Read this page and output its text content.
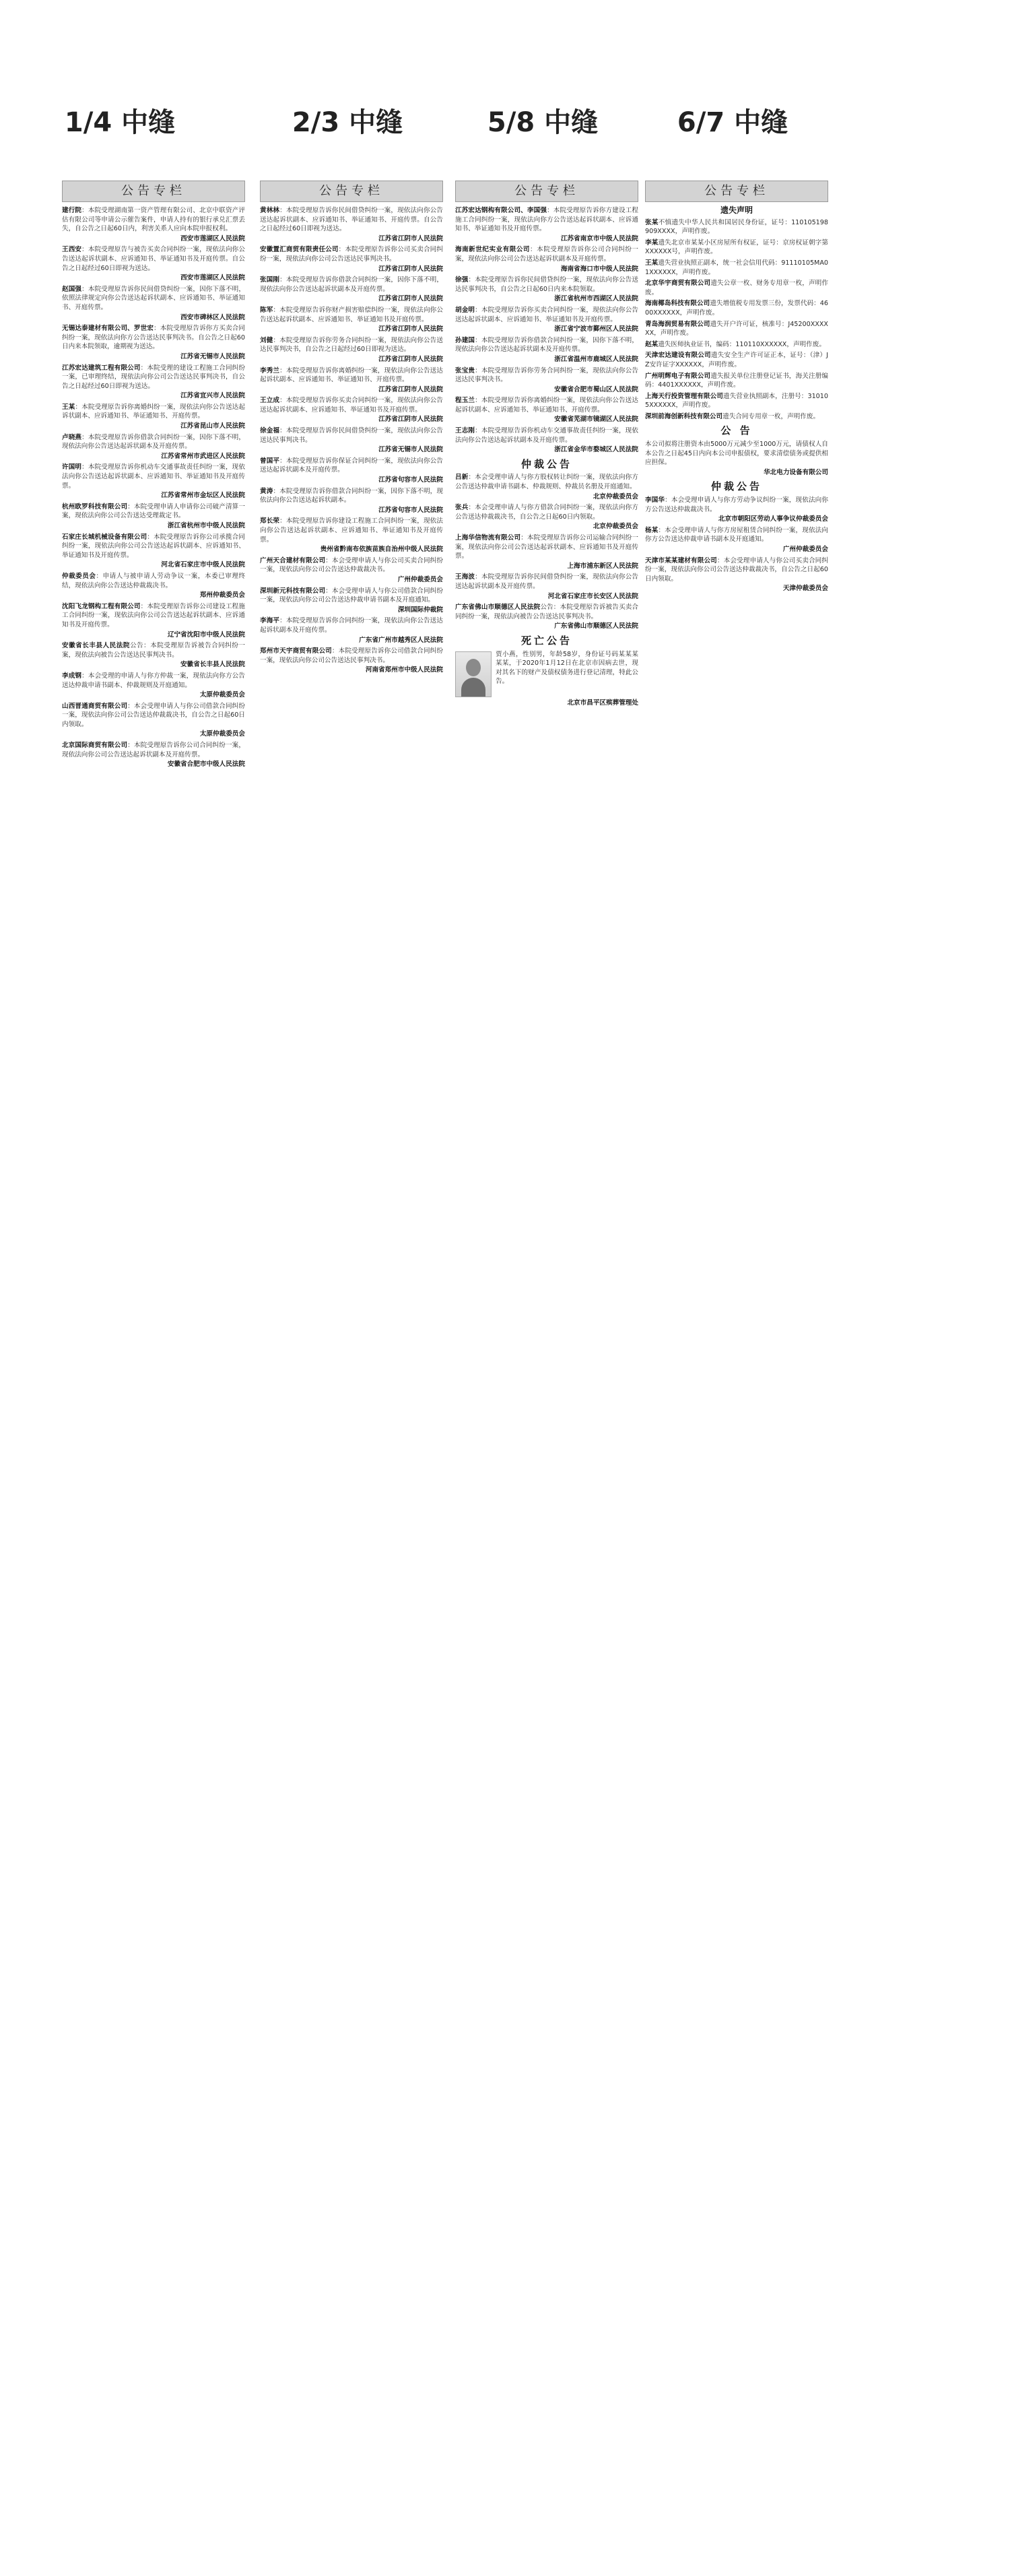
1/4 中缝	2/3 中缝	5/8 中缝	6/7 中缝
公告专栏
建行院：本院受理湖南第一资产管理有限公司、北京中联资产评估有限公司等申请公示催告案件，申请人持有的银行承兑汇票丢失，自公告之日起60日内，利害关系人应向本院申报权利。
西安市莲湖区人民法院
王西安：本院受理原告与被告买卖合同纠纷一案，现依法向你公告送达起诉状副本、应诉通知书、举证通知书及开庭传票。自公告之日起经过60日即视为送达。
西安市莲湖区人民法院
赵国强：本院受理原告诉你民间借贷纠纷一案，因你下落不明，依照法律规定向你公告送达起诉状副本、应诉通知书、举证通知书、开庭传票。
西安市碑林区人民法院
无锡达泰建材有限公司、罗世宏：本院受理原告诉你方买卖合同纠纷一案，现依法向你方公告送达民事判决书。自公告之日起60日内来本院领取，逾期视为送达。
江苏省无锡市人民法院
江苏宏达建筑工程有限公司：本院受理的建设工程施工合同纠纷一案，已审理终结，现依法向你公司公告送达民事判决书，自公告之日起经过60日即视为送达。
江苏省宜兴市人民法院
王某：本院受理原告诉你离婚纠纷一案，现依法向你公告送达起诉状副本、应诉通知书、举证通知书、开庭传票。
江苏省昆山市人民法院
卢晓燕：本院受理原告诉你借款合同纠纷一案，因你下落不明，现依法向你公告送达起诉状副本及开庭传票。
江苏省常州市武进区人民法院
许国明：本院受理原告诉你机动车交通事故责任纠纷一案，现依法向你公告送达起诉状副本、应诉通知书、举证通知书及开庭传票。
江苏省常州市金坛区人民法院
杭州欧罗科技有限公司：本院受理申请人申请你公司破产清算一案，现依法向你公司公告送达受理裁定书。
浙江省杭州市中级人民法院
石家庄长城机械设备有限公司：本院受理原告诉你公司承揽合同纠纷一案，现依法向你公司公告送达起诉状副本、应诉通知书、举证通知书及开庭传票。
河北省石家庄市中级人民法院
仲裁委员会：申请人与被申请人劳动争议一案，本委已审理终结，现依法向你公告送达仲裁裁决书。
郑州仲裁委员会
沈阳飞龙钢构工程有限公司：本院受理原告诉你公司建设工程施工合同纠纷一案，现依法向你公司公告送达起诉状副本、应诉通知书及开庭传票。
辽宁省沈阳市中级人民法院
安徽省长丰县人民法院公告：本院受理原告诉被告合同纠纷一案，现依法向被告公告送达民事判决书。
安徽省长丰县人民法院
李成钢：本会受理的申请人与你方仲裁一案，现依法向你方公告送达仲裁申请书副本、仲裁规则及开庭通知。
太原仲裁委员会
山西晋通商贸有限公司：本会受理申请人与你公司借款合同纠纷一案，现依法向你公司公告送达仲裁裁决书，自公告之日起60日内领取。
太原仲裁委员会
北京国际商贸有限公司：本院受理原告诉你公司合同纠纷一案，现依法向你公司公告送达起诉状副本及开庭传票。
安徽省合肥市中级人民法院
公告专栏
黄林林：本院受理原告诉你民间借贷纠纷一案，现依法向你公告送达起诉状副本、应诉通知书、举证通知书、开庭传票。自公告之日起经过60日即视为送达。
江苏省江阴市人民法院
安徽置汇商贸有限责任公司：本院受理原告诉你公司买卖合同纠纷一案，现依法向你公司公告送达民事判决书。
江苏省江阴市人民法院
张国刚：本院受理原告诉你借款合同纠纷一案，因你下落不明，现依法向你公告送达起诉状副本及开庭传票。
江苏省江阴市人民法院
陈军：本院受理原告诉你财产损害赔偿纠纷一案，现依法向你公告送达起诉状副本、应诉通知书、举证通知书及开庭传票。
江苏省江阴市人民法院
刘健：本院受理原告诉你劳务合同纠纷一案，现依法向你公告送达民事判决书，自公告之日起经过60日即视为送达。
江苏省江阴市人民法院
李秀兰：本院受理原告诉你离婚纠纷一案，现依法向你公告送达起诉状副本、应诉通知书、举证通知书、开庭传票。
江苏省江阴市人民法院
王立成：本院受理原告诉你买卖合同纠纷一案，现依法向你公告送达起诉状副本、应诉通知书、举证通知书及开庭传票。
江苏省江阴市人民法院
徐金福：本院受理原告诉你民间借贷纠纷一案，现依法向你公告送达民事判决书。
江苏省无锡市人民法院
曾国平：本院受理原告诉你保证合同纠纷一案，现依法向你公告送达起诉状副本及开庭传票。
江苏省句容市人民法院
黄涛：本院受理原告诉你借款合同纠纷一案，因你下落不明，现依法向你公告送达起诉状副本。
江苏省句容市人民法院
郑长荣：本院受理原告诉你建设工程施工合同纠纷一案，现依法向你公告送达起诉状副本、应诉通知书、举证通知书及开庭传票。
贵州省黔南布依族苗族自治州中级人民法院
广州天合建材有限公司：本会受理申请人与你公司买卖合同纠纷一案，现依法向你公司公告送达仲裁裁决书。
广州仲裁委员会
深圳新元科技有限公司：本会受理申请人与你公司借款合同纠纷一案，现依法向你公司公告送达仲裁申请书副本及开庭通知。
深圳国际仲裁院
李海平：本院受理原告诉你合同纠纷一案，现依法向你公告送达起诉状副本及开庭传票。
广东省广州市越秀区人民法院
郑州市天宇商贸有限公司：本院受理原告诉你公司借款合同纠纷一案，现依法向你公司公告送达民事判决书。
河南省郑州市中级人民法院
公告专栏
江苏宏达钢构有限公司、李国强：本院受理原告诉你方建设工程施工合同纠纷一案，现依法向你方公告送达起诉状副本、应诉通知书、举证通知书及开庭传票。
江苏省南京市中级人民法院
海南新世纪实业有限公司：本院受理原告诉你公司合同纠纷一案，现依法向你公司公告送达起诉状副本及开庭传票。
海南省海口市中级人民法院
徐强：本院受理原告诉你民间借贷纠纷一案，现依法向你公告送达民事判决书，自公告之日起60日内来本院领取。
浙江省杭州市西湖区人民法院
胡金明：本院受理原告诉你买卖合同纠纷一案，现依法向你公告送达起诉状副本、应诉通知书、举证通知书及开庭传票。
浙江省宁波市鄞州区人民法院
孙建国：本院受理原告诉你借款合同纠纷一案，因你下落不明，现依法向你公告送达起诉状副本及开庭传票。
浙江省温州市鹿城区人民法院
张宝贵：本院受理原告诉你劳务合同纠纷一案，现依法向你公告送达民事判决书。
安徽省合肥市蜀山区人民法院
程玉兰：本院受理原告诉你离婚纠纷一案，现依法向你公告送达起诉状副本、应诉通知书、举证通知书、开庭传票。
安徽省芜湖市镜湖区人民法院
王志刚：本院受理原告诉你机动车交通事故责任纠纷一案，现依法向你公告送达起诉状副本及开庭传票。
浙江省金华市婺城区人民法院
仲裁公告
吕新：本会受理申请人与你方股权转让纠纷一案，现依法向你方公告送达仲裁申请书副本、仲裁规则、仲裁员名册及开庭通知。
北京仲裁委员会
张兵：本会受理申请人与你方借款合同纠纷一案，现依法向你方公告送达仲裁裁决书，自公告之日起60日内领取。
北京仲裁委员会
上海华信物流有限公司：本院受理原告诉你公司运输合同纠纷一案，现依法向你公司公告送达起诉状副本、应诉通知书及开庭传票。
上海市浦东新区人民法院
王海波：本院受理原告诉你民间借贷纠纷一案，现依法向你公告送达起诉状副本及开庭传票。
河北省石家庄市长安区人民法院
广东省佛山市顺德区人民法院公告：本院受理原告诉被告买卖合同纠纷一案，现依法向被告公告送达民事判决书。
广东省佛山市顺德区人民法院
死亡公告
贾小燕，性别男，年龄58岁，身份证号码某某某某某，于2020年1月12日在北京市因病去世，现对其名下的财产及债权债务进行登记清理，特此公告。
北京市昌平区殡葬管理处
公告专栏
遗失声明
张某不慎遗失中华人民共和国居民身份证，证号：110105198909XXXX，声明作废。
李某遗失北京市某某小区房屋所有权证，证号：京房权证朝字第XXXXXX号，声明作废。
王某遗失营业执照正副本，统一社会信用代码：91110105MA01XXXXXX，声明作废。
北京华宇商贸有限公司遗失公章一枚、财务专用章一枚，声明作废。
海南椰岛科技有限公司遗失增值税专用发票三份，发票代码：4600XXXXXX，声明作废。
青岛海润贸易有限公司遗失开户许可证，核准号：J45200XXXXXX，声明作废。
赵某遗失医师执业证书，编码：110110XXXXXX，声明作废。
天津宏达建设有限公司遗失安全生产许可证正本，证号：（津）JZ安许证字XXXXXX，声明作废。
广州明辉电子有限公司遗失报关单位注册登记证书，海关注册编码：4401XXXXXX，声明作废。
上海天行投资管理有限公司遗失营业执照副本，注册号：310105XXXXXX，声明作废。
深圳前海创新科技有限公司遗失合同专用章一枚，声明作废。
公 告
本公司拟将注册资本由5000万元减少至1000万元，请债权人自本公告之日起45日内向本公司申报债权，要求清偿债务或提供相应担保。
华北电力设备有限公司
仲裁公告
李国华：本会受理申请人与你方劳动争议纠纷一案，现依法向你方公告送达仲裁裁决书。
北京市朝阳区劳动人事争议仲裁委员会
杨某：本会受理申请人与你方房屋租赁合同纠纷一案，现依法向你方公告送达仲裁申请书副本及开庭通知。
广州仲裁委员会
天津市某某建材有限公司：本会受理申请人与你公司买卖合同纠纷一案，现依法向你公司公告送达仲裁裁决书，自公告之日起60日内领取。
天津仲裁委员会
